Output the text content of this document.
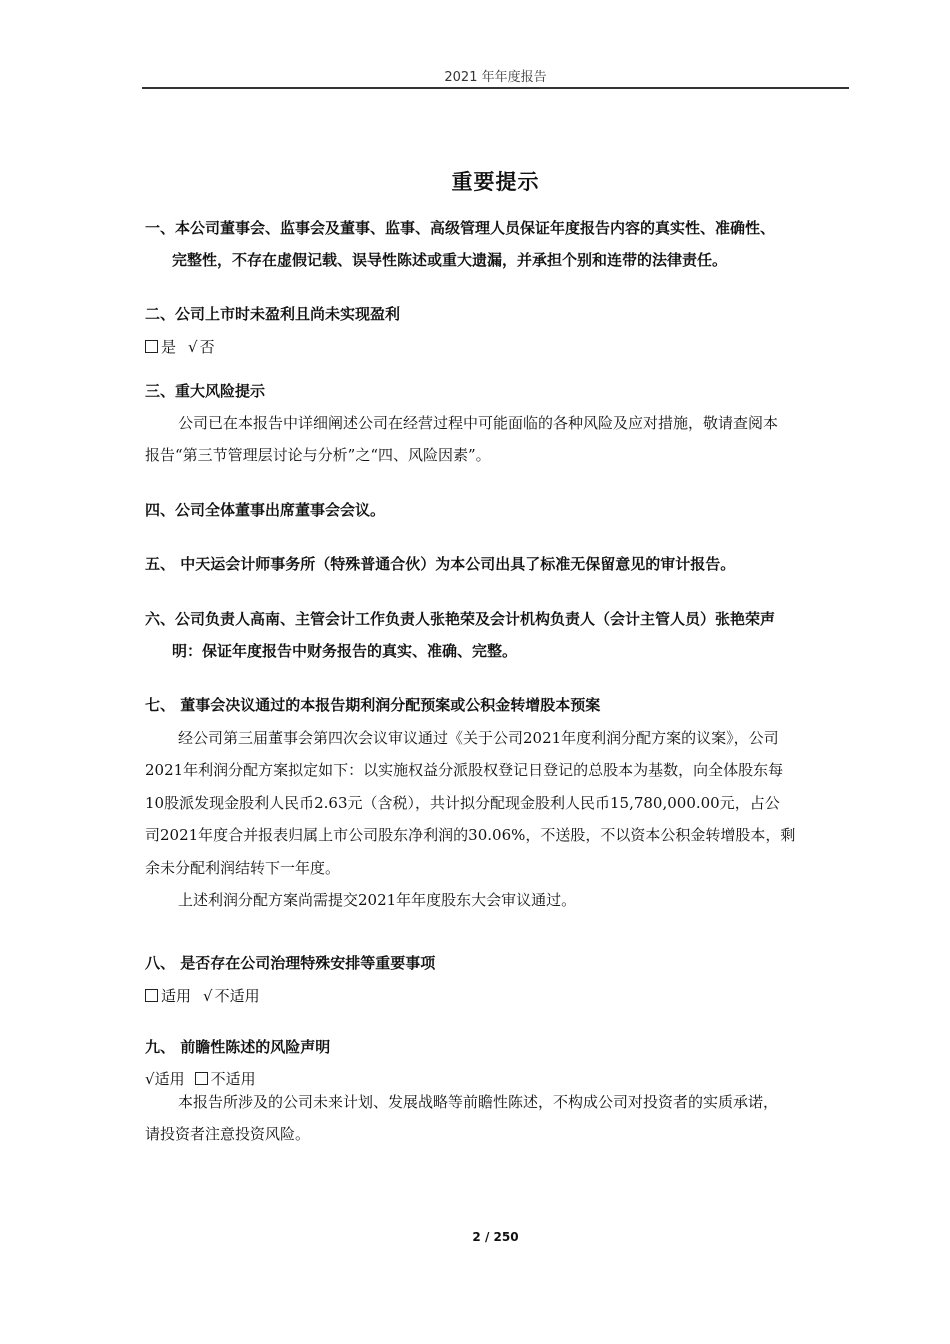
2021 年年度报告
重要提示
一、本公司董事会、监事会及董事、监事、高级管理人员保证年度报告内容的真实性、准确性、
完整性，不存在虚假记载、误导性陈述或重大遗漏，并承担个别和连带的法律责任。
二、公司上市时未盈利且尚未实现盈利
是 √ 否
三、重大风险提示
公司已在本报告中详细阐述公司在经营过程中可能面临的各种风险及应对措施，敬请查阅本
报告“第三节管理层讨论与分析”之“四、风险因素”。
四、公司全体董事出席董事会会议。
五、 中天运会计师事务所（特殊普通合伙）为本公司出具了标准无保留意见的审计报告。
六、公司负责人高南、主管会计工作负责人张艳荣及会计机构负责人（会计主管人员）张艳荣声
明：保证年度报告中财务报告的真实、准确、完整。
七、 董事会决议通过的本报告期利润分配预案或公积金转增股本预案
经公司第三届董事会第四次会议审议通过《关于公司2021年度利润分配方案的议案》，公司
2021年利润分配方案拟定如下：以实施权益分派股权登记日登记的总股本为基数，向全体股东每
10股派发现金股利人民币2.63元（含税），共计拟分配现金股利人民币15,780,000.00元，占公
司2021年度合并报表归属上市公司股东净利润的30.06%，不送股，不以资本公积金转增股本，剩
余未分配利润结转下一年度。
上述利润分配方案尚需提交2021年年度股东大会审议通过。
八、 是否存在公司治理特殊安排等重要事项
适用 √ 不适用
九、 前瞻性陈述的风险声明
√适用 不适用
本报告所涉及的公司未来计划、发展战略等前瞻性陈述，不构成公司对投资者的实质承诺，
请投资者注意投资风险。
2 / 250
